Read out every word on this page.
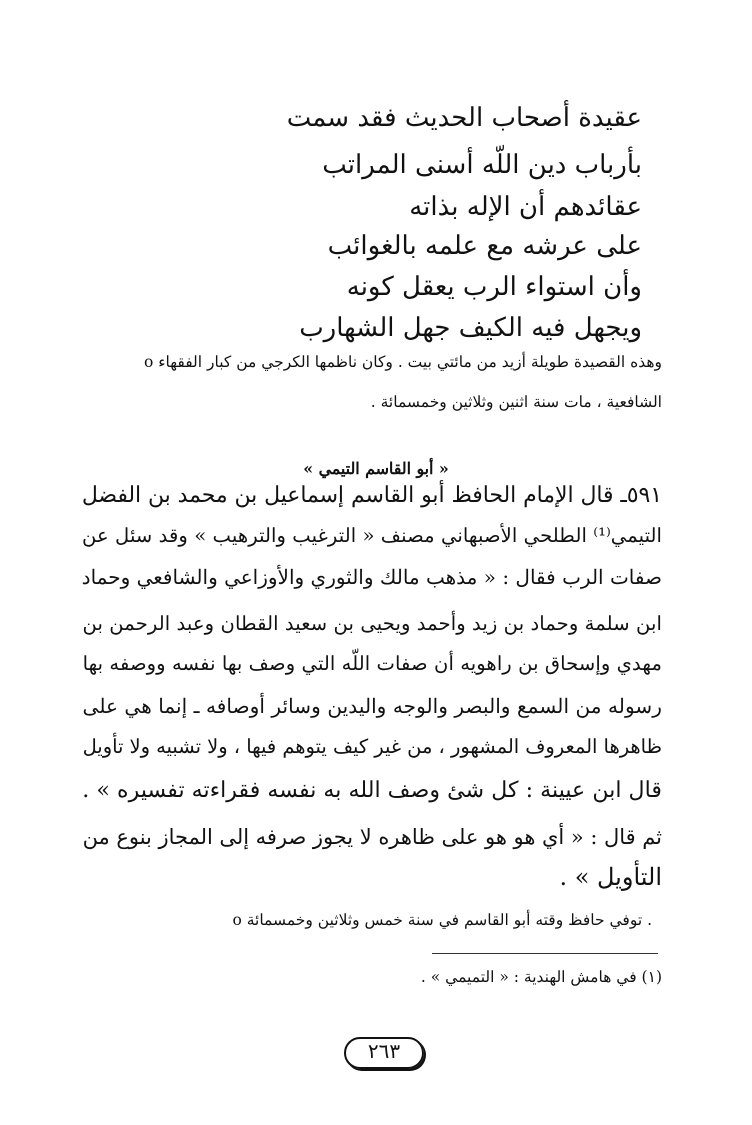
عقيدة أصحاب الحديث فقد سمت
بأرباب دين اللّه أسنى المراتب
عقائدهم أن الإله بذاته
على عرشه مع علمه بالغوائب
وأن استواء الرب يعقل كونه
ويجهل فيه الكيف جهل الشهارب
ο وهذه القصيدة طويلة أزيد من مائتي بيت . وكان ناظمها الكرجي من كبار الفقهاء
الشافعية ، مات سنة اثنين وثلاثين وخمسمائة .
« أبو القاسم التيمي »
٥٩١ـ قال الإمام الحافظ أبو القاسم إسماعيل بن محمد بن الفضل
التيمي⁽¹⁾ الطلحي الأصبهاني مصنف « الترغيب والترهيب » وقد سئل عن
صفات الرب فقال : « مذهب مالك والثوري والأوزاعي والشافعي وحماد
ابن سلمة وحماد بن زيد وأحمد ويحيى بن سعيد القطان وعبد الرحمن بن
مهدي وإسحاق بن راهويه أن صفات اللّه التي وصف بها نفسه ووصفه بها
رسوله من السمع والبصر والوجه واليدين وسائر أوصافه ـ إنما هي على
ظاهرها المعروف المشهور ، من غير كيف يتوهم فيها ، ولا تشبيه ولا تأويل
قال ابن عيينة : كل شئ وصف الله به نفسه فقراءته تفسيره » .
ثم قال : « أي هو هو على ظاهره لا يجوز صرفه إلى المجاز بنوع من
التأويل » .
ο توفي حافظ وقته أبو القاسم في سنة خمس وثلاثين وخمسمائة .
(١) في هامش الهندية : « التميمي » .
٢٦٣
